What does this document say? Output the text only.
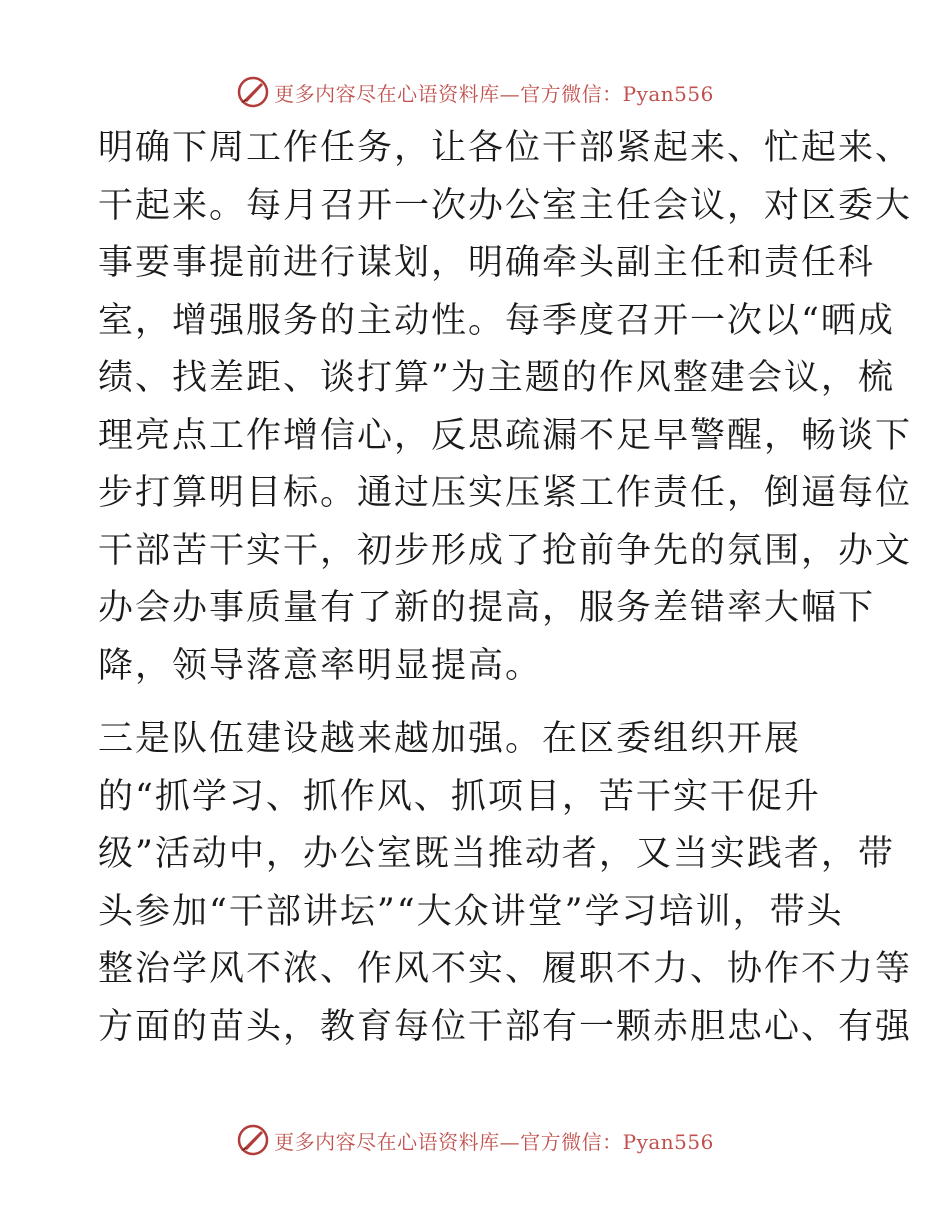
更多内容尽在心语资料库—官方微信：Pyan556
明确下周工作任务，让各位干部紧起来、忙起来、
干起来。每月召开一次办公室主任会议，对区委大
事要事提前进行谋划，明确牵头副主任和责任科
室，增强服务的主动性。每季度召开一次以“晒成
绩、找差距、谈打算”为主题的作风整建会议，梳
理亮点工作增信心，反思疏漏不足早警醒，畅谈下
步打算明目标。通过压实压紧工作责任，倒逼每位
干部苦干实干，初步形成了抢前争先的氛围，办文
办会办事质量有了新的提高，服务差错率大幅下
降，领导落意率明显提高。
三是队伍建设越来越加强。在区委组织开展
的“抓学习、抓作风、抓项目，苦干实干促升
级”活动中，办公室既当推动者，又当实践者，带
头参加“干部讲坛”“大众讲堂”学习培训，带头
整治学风不浓、作风不实、履职不力、协作不力等
方面的苗头，教育每位干部有一颗赤胆忠心、有强
更多内容尽在心语资料库—官方微信：Pyan556
